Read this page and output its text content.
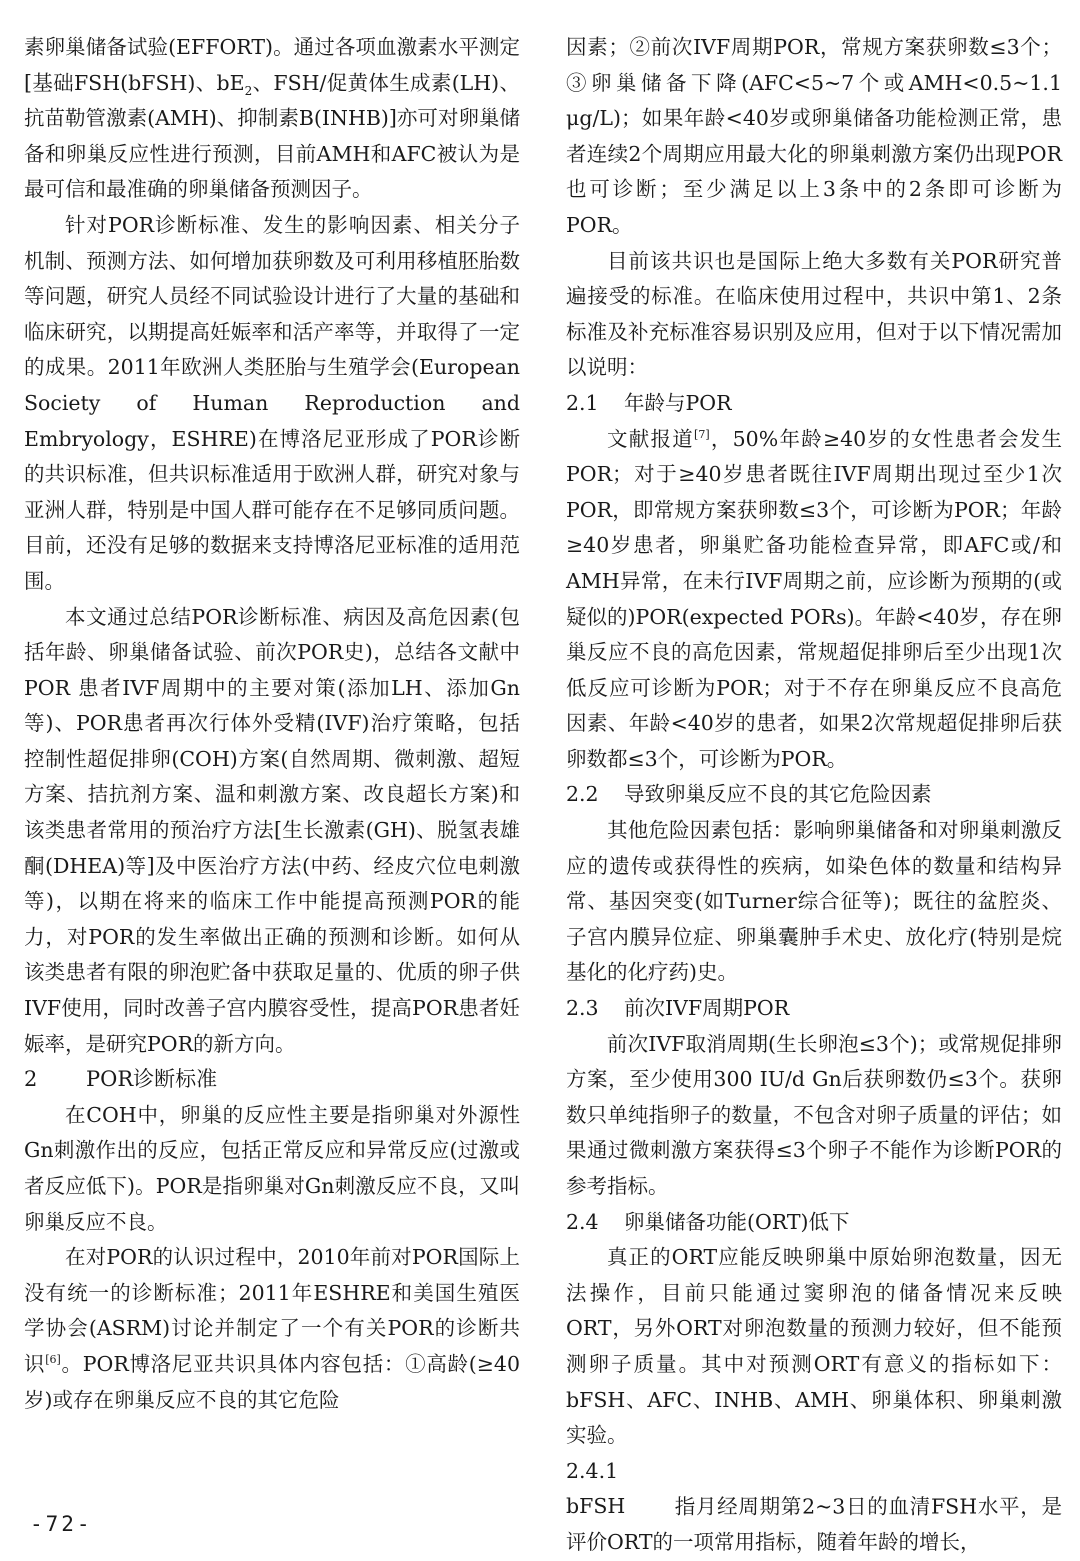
素卵巢储备试验(EFFORT)。通过各项血激素水平测定[基础FSH(bFSH)、$bE_2$、FSH/促黄体生成素(LH)、抗苗勒管激素(AMH)、抑制素B(INHB)]亦可对卵巢储备和卵巢反应性进行预测，目前AMH和AFC被认为是最可信和最准确的卵巢储备预测因子。

针对POR诊断标准、发生的影响因素、相关分子机制、预测方法、如何增加获卵数及可利用移植胚胎数等问题，研究人员经不同试验设计进行了大量的基础和临床研究，以期提高妊娠率和活产率等，并取得了一定的成果。2011年欧洲人类胚胎与生殖学会(European Society of Human Reproduction and Embryology，ESHRE)在博洛尼亚形成了POR诊断的共识标准，但共识标准适用于欧洲人群，研究对象与亚洲人群，特别是中国人群可能存在不足够同质问题。目前，还没有足够的数据来支持博洛尼亚标准的适用范围。

本文通过总结POR诊断标准、病因及高危因素(包括年龄、卵巢储备试验、前次POR史)，总结各文献中POR 患者IVF周期中的主要对策(添加LH、添加Gn等)、POR患者再次行体外受精(IVF)治疗策略，包括控制性超促排卵(COH)方案(自然周期、微刺激、超短方案、拮抗剂方案、温和刺激方案、改良超长方案)和该类患者常用的预治疗方法[生长激素(GH)、脱氢表雄酮(DHEA)等]及中医治疗方法(中药、经皮穴位电刺激等)，以期在将来的临床工作中能提高预测POR的能力，对POR的发生率做出正确的预测和诊断。如何从该类患者有限的卵泡贮备中获取足量的、优质的卵子供IVF使用，同时改善子宫内膜容受性，提高POR患者妊娠率，是研究POR的新方向。

2 POR诊断标准

在COH中，卵巢的反应性主要是指卵巢对外源性Gn刺激作出的反应，包括正常反应和异常反应(过激或者反应低下)。POR是指卵巢对Gn刺激反应不良，又叫卵巢反应不良。

在对POR的认识过程中，2010年前对POR国际上没有统一的诊断标准；2011年ESHRE和美国生殖医学协会(ASRM)讨论并制定了一个有关POR的诊断共识[6]。POR博洛尼亚共识具体内容包括：①高龄(≥40岁)或存在卵巢反应不良的其它危险

因素；②前次IVF周期POR，常规方案获卵数≤3个；③卵巢储备下降(AFC<5~7个或AMH<0.5~1.1 μg/L)；如果年龄<40岁或卵巢储备功能检测正常，患者连续2个周期应用最大化的卵巢刺激方案仍出现POR也可诊断；至少满足以上3条中的2条即可诊断为POR。

目前该共识也是国际上绝大多数有关POR研究普遍接受的标准。在临床使用过程中，共识中第1、2条标准及补充标准容易识别及应用，但对于以下情况需加以说明：

2.1 年龄与POR

文献报道[7]，50%年龄≥40岁的女性患者会发生POR；对于≥40岁患者既往IVF周期出现过至少1次POR，即常规方案获卵数≤3个，可诊断为POR；年龄≥40岁患者，卵巢贮备功能检查异常，即AFC或/和AMH异常，在未行IVF周期之前，应诊断为预期的(或疑似的)POR(expected PORs)。年龄<40岁，存在卵巢反应不良的高危因素，常规超促排卵后至少出现1次低反应可诊断为POR；对于不存在卵巢反应不良高危因素、年龄<40岁的患者，如果2次常规超促排卵后获卵数都≤3个，可诊断为POR。

2.2 导致卵巢反应不良的其它危险因素

其他危险因素包括：影响卵巢储备和对卵巢刺激反应的遗传或获得性的疾病，如染色体的数量和结构异常、基因突变(如Turner综合征等)；既往的盆腔炎、子宫内膜异位症、卵巢囊肿手术史、放化疗(特别是烷基化的化疗药)史。

2.3 前次IVF周期POR

前次IVF取消周期(生长卵泡≤3个)；或常规促排卵方案，至少使用300 IU/d Gn后获卵数仍≤3个。获卵数只单纯指卵子的数量，不包含对卵子质量的评估；如果通过微刺激方案获得≤3个卵子不能作为诊断POR的参考指标。

2.4 卵巢储备功能(ORT)低下

真正的ORT应能反映卵巢中原始卵泡数量，因无法操作，目前只能通过窦卵泡的储备情况来反映ORT，另外ORT对卵泡数量的预测力较好，但不能预测卵子质量。其中对预测ORT有意义的指标如下：bFSH、AFC、INHB、AMH、卵巢体积、卵巢刺激实验。

2.4.1 bFSH 指月经周期第2~3日的血清FSH水平，是评价ORT的一项常用指标，随着年龄的增长，

-72-
